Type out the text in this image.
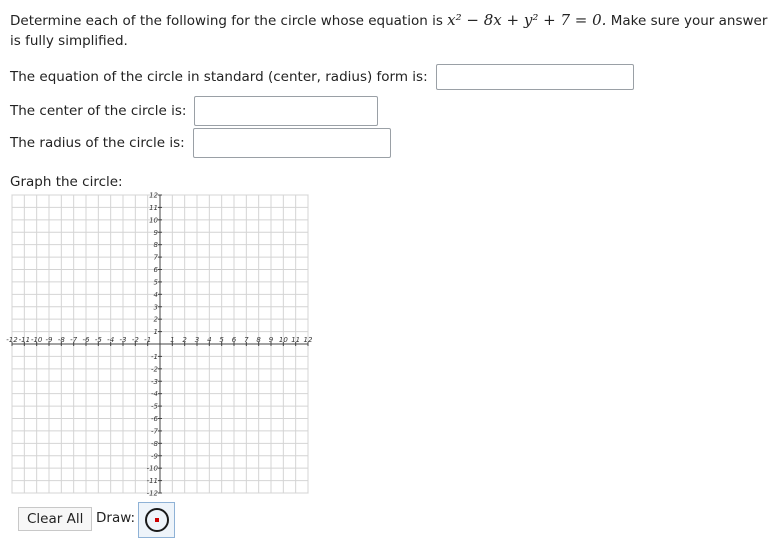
Determine each of the following for the circle whose equation is x² − 8x + y² + 7 = 0. Make sure your answer is fully simplified.
The equation of the circle in standard (center, radius) form is:
The center of the circle is:
The radius of the circle is:
Graph the circle:
-12 -11 -10 -9 -8 -7 -6 -5 -4 -3 -2 -1	1 2 3 4 5 6 7 8 9 10 11 12
12
11
10
9
8
7
6
5
4
3
2
1
-1
-2
-3
-4
-5
-6
-7
-8
-9
-10
-11
-12
Clear All Draw:
